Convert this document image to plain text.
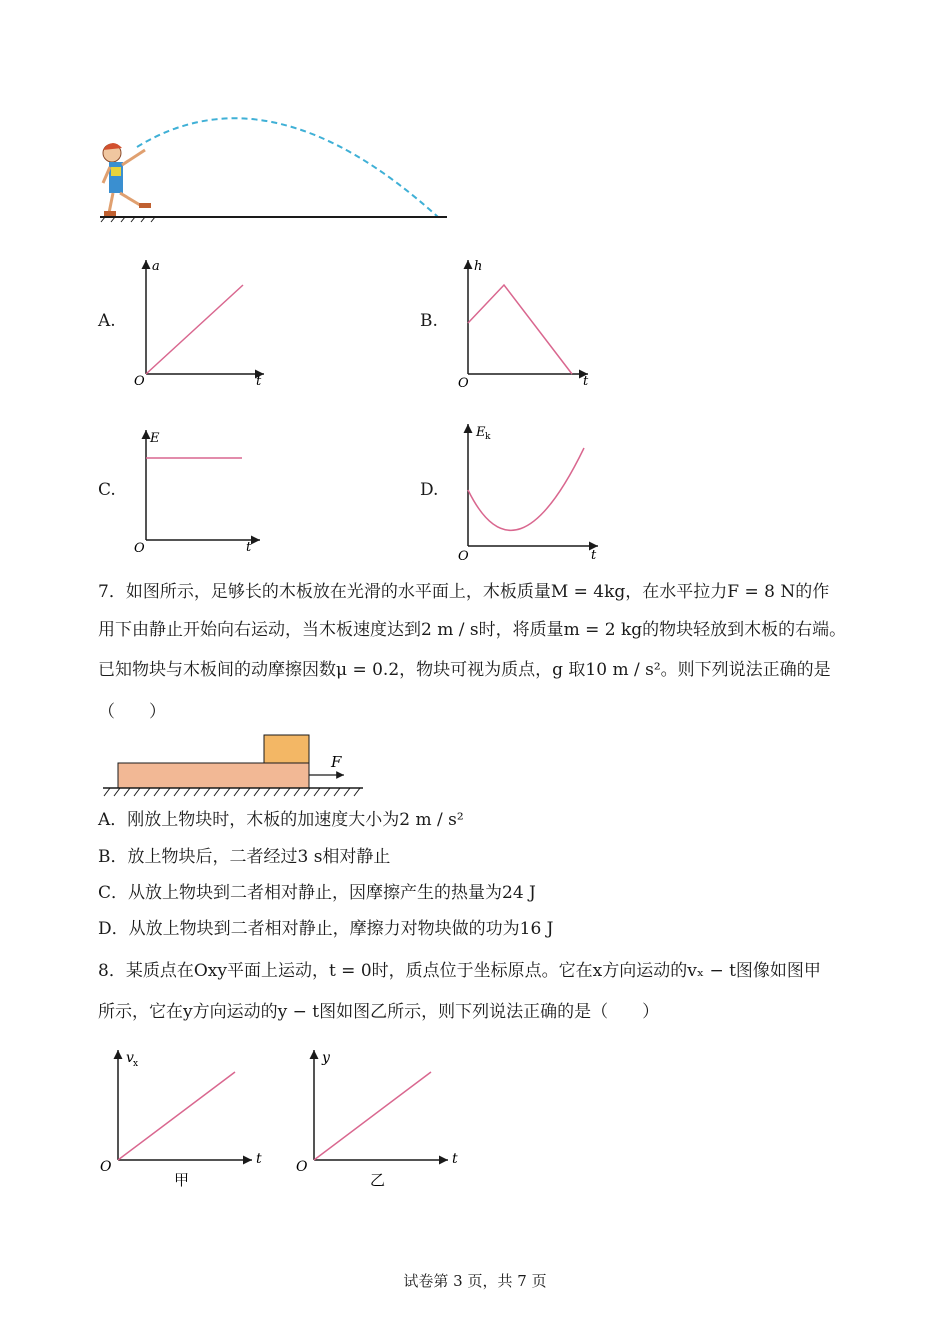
A.
a
t
O
B.
h
t
O
C.
E
t
O
D.
E k
t
O
7．如图所示，足够长的木板放在光滑的水平面上，木板质量M = 4kg，在水平拉力F = 8 N的作
用下由静止开始向右运动，当木板速度达到2 m / s时，将质量m = 2 kg的物块轻放到木板的右端。
已知物块与木板间的动摩擦因数μ = 0.2，物块可视为质点，g 取10 m / s²。则下列说法正确的是
（　　）
F
A．刚放上物块时，木板的加速度大小为2 m / s²
B．放上物块后，二者经过3 s相对静止
C．从放上物块到二者相对静止，因摩擦产生的热量为24 J
D．从放上物块到二者相对静止，摩擦力对物块做的功为16 J
8．某质点在Oxy平面上运动，t = 0时，质点位于坐标原点。它在x方向运动的vₓ − t图像如图甲
所示，它在y方向运动的y − t图如图乙所示，则下列说法正确的是（　　）
v x
t
O
甲
y
t
O
乙
试卷第 3 页，共 7 页
